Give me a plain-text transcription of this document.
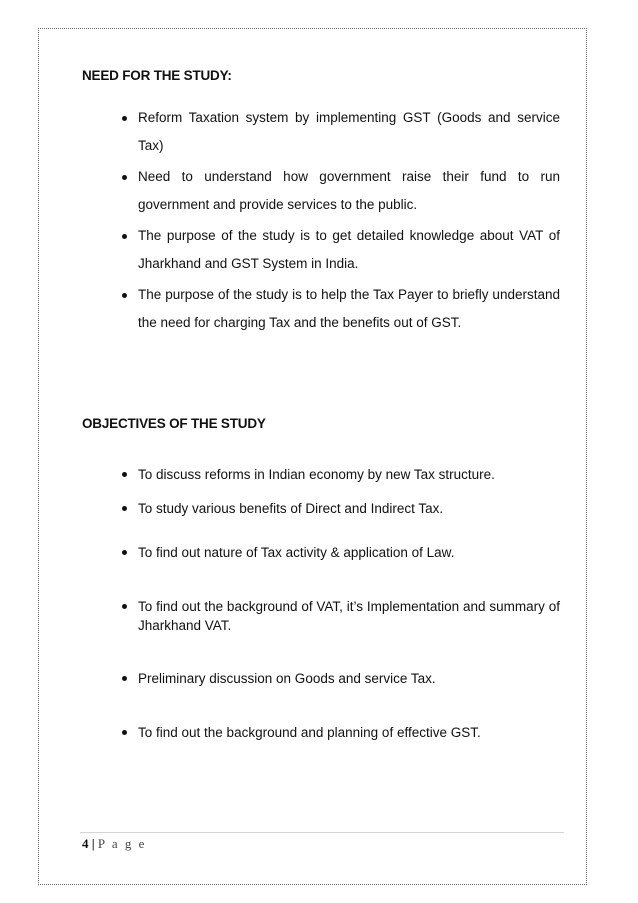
NEED FOR THE STUDY:
Reform Taxation system by implementing GST (Goods and service Tax)
Need to understand how government raise their fund to run government and provide services to the public.
The purpose of the study is to get detailed knowledge about VAT of Jharkhand and GST System in India.
The purpose of the study is to help the Tax Payer to briefly understand the need for charging Tax and the benefits out of GST.
OBJECTIVES OF THE STUDY
To discuss reforms in Indian economy by new Tax structure.
To study various benefits of Direct and Indirect Tax.
To find out nature of Tax activity & application of Law.
To find out the background of VAT, it’s Implementation and summary of Jharkhand VAT.
Preliminary discussion on Goods and service Tax.
To find out the background and planning of effective GST.
4 | P a g e
